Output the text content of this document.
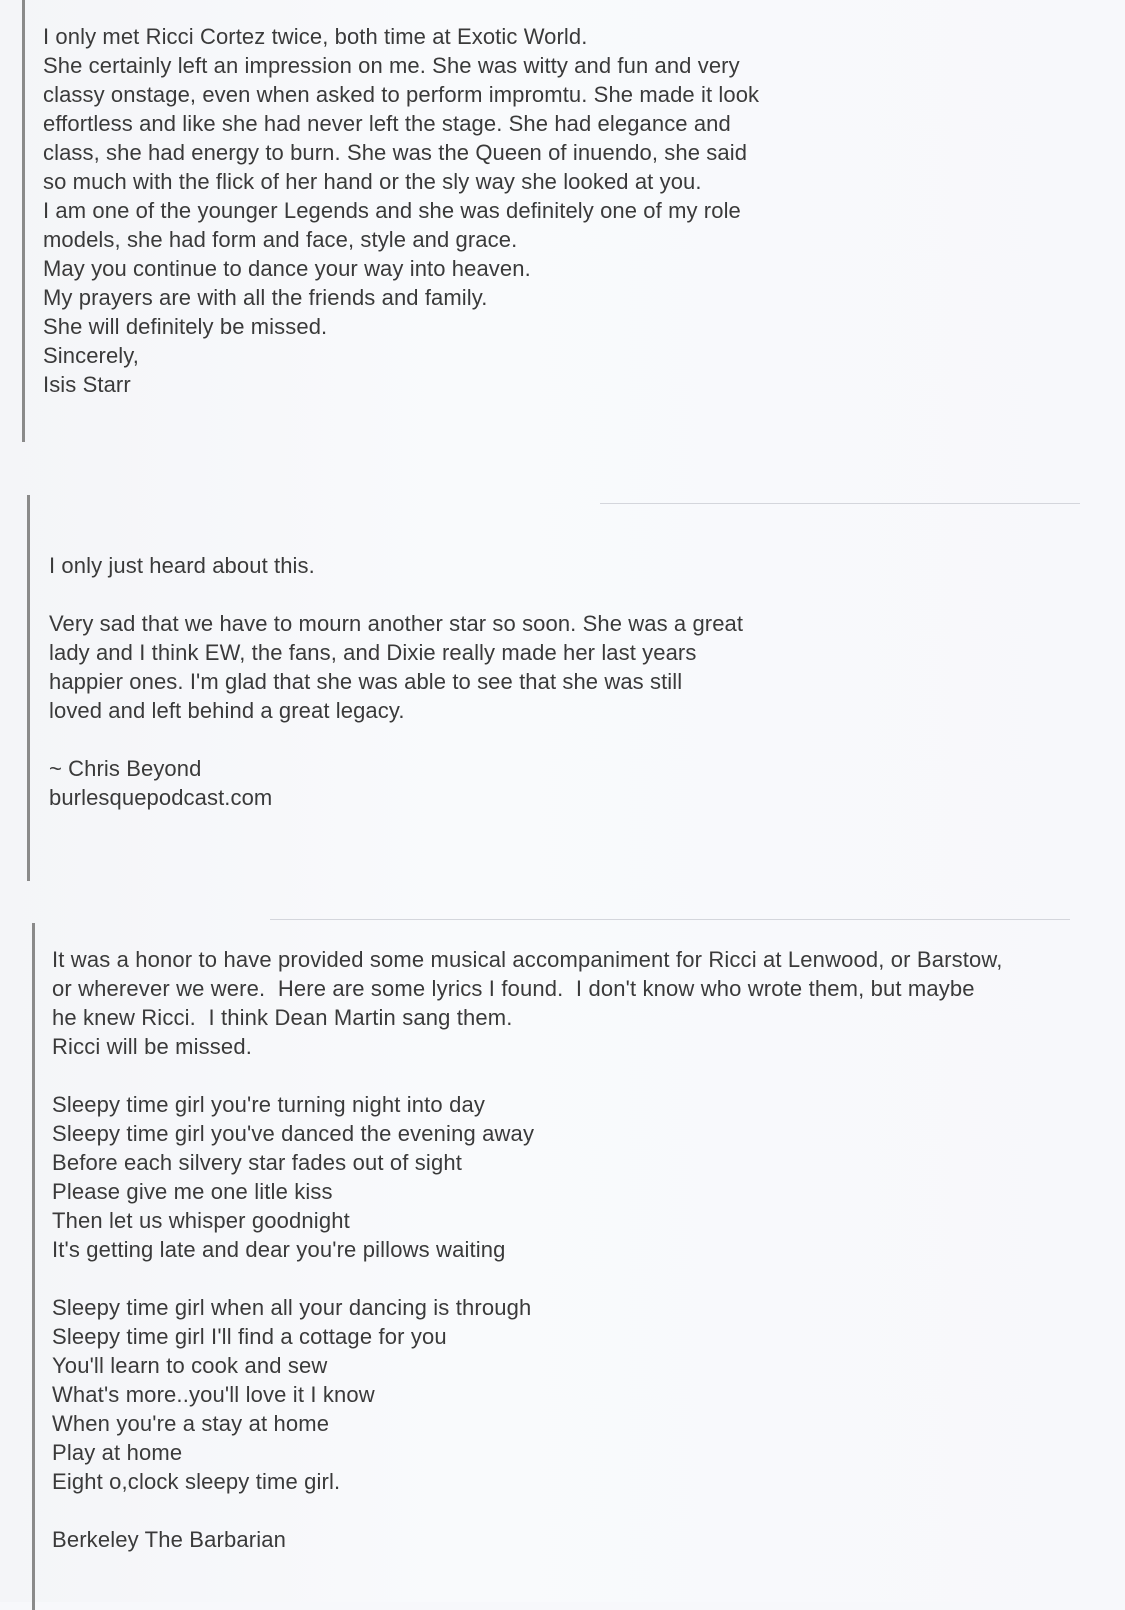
I only met Ricci Cortez twice, both time at Exotic World.
She certainly left an impression on me. She was witty and fun and very
classy onstage, even when asked to perform impromtu. She made it look
effortless and like she had never left the stage. She had elegance and
class, she had energy to burn. She was the Queen of inuendo, she said
so much with the flick of her hand or the sly way she looked at you.
I am one of the younger Legends and she was definitely one of my role
models, she had form and face, style and grace.
May you continue to dance your way into heaven.
My prayers are with all the friends and family.
She will definitely be missed.
Sincerely,
Isis Starr
I only just heard about this.
Very sad that we have to mourn another star so soon. She was a great
lady and I think EW, the fans, and Dixie really made her last years
happier ones. I'm glad that she was able to see that she was still
loved and left behind a great legacy.
~ Chris Beyond
burlesquepodcast.com
It was a honor to have provided some musical accompaniment for Ricci at Lenwood, or Barstow,
or wherever we were.  Here are some lyrics I found.  I don't know who wrote them, but maybe
he knew Ricci.  I think Dean Martin sang them.
Ricci will be missed.
Sleepy time girl you're turning night into day
Sleepy time girl you've danced the evening away
Before each silvery star fades out of sight
Please give me one litle kiss
Then let us whisper goodnight
It's getting late and dear you're pillows waiting
Sleepy time girl when all your dancing is through
Sleepy time girl I'll find a cottage for you
You'll learn to cook and sew
What's more..you'll love it I know
When you're a stay at home
Play at home
Eight o,clock sleepy time girl.
Berkeley The Barbarian
